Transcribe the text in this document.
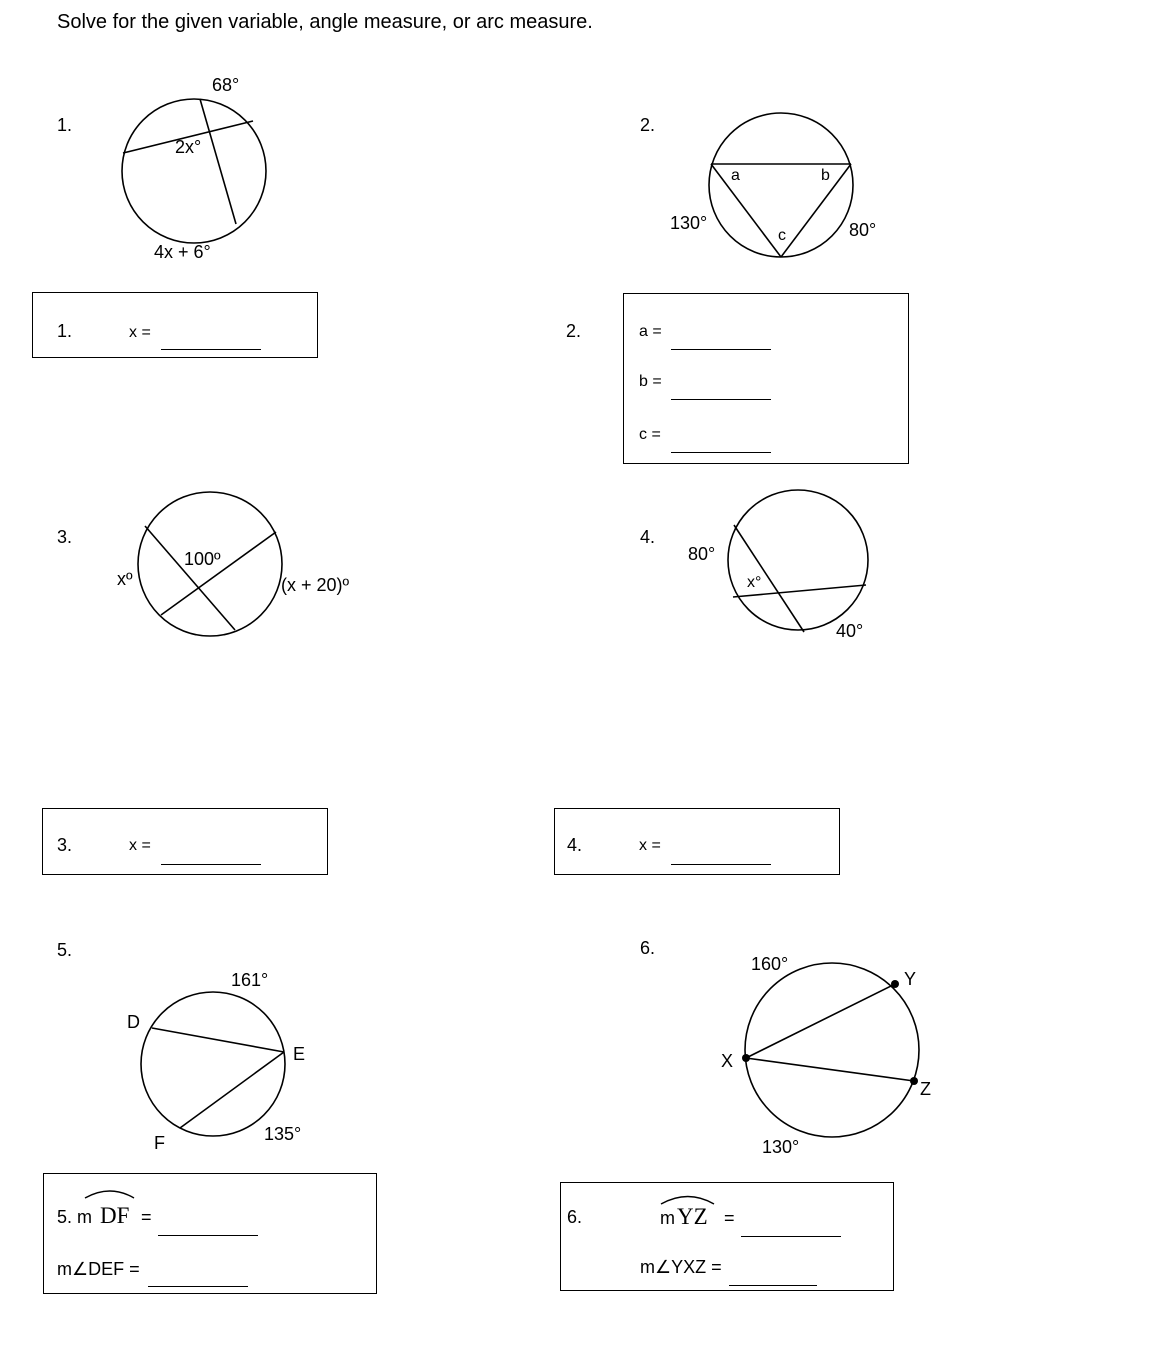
Solve for the given variable, angle measure, or arc measure.
1.
68°
2x°
4x + 6°
2.
a	b
c
130°	80°
3.
xº
100º
(x + 20)º
4.
80°
x°
40°
5.
161°
D
E
F	135°
6.
160°
Y
X
Z
130°
1.	x =	2.	a =
b =
c =
3.	x =	4.	x =
5. m DF =
m∠DEF =
6.	m YZ =
m∠YXZ =
